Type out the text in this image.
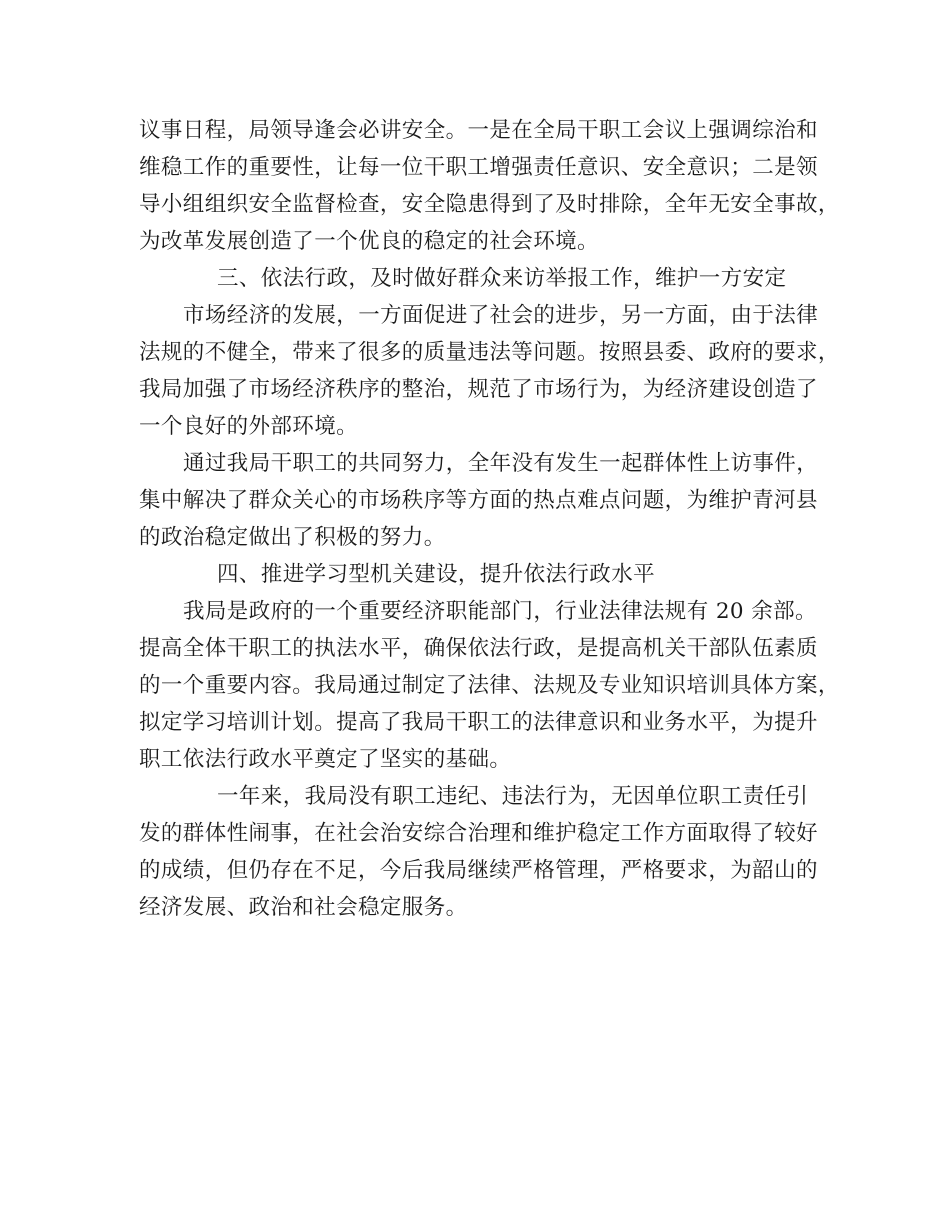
议事日程，局领导逢会必讲安全。一是在全局干职工会议上强调综治和
维稳工作的重要性，让每一位干职工增强责任意识、安全意识；二是领
导小组组织安全监督检查，安全隐患得到了及时排除，全年无安全事故，
为改革发展创造了一个优良的稳定的社会环境。
三、依法行政，及时做好群众来访举报工作，维护一方安定
市场经济的发展，一方面促进了社会的进步，另一方面，由于法律
法规的不健全，带来了很多的质量违法等问题。按照县委、政府的要求，
我局加强了市场经济秩序的整治，规范了市场行为，为经济建设创造了
一个良好的外部环境。
通过我局干职工的共同努力，全年没有发生一起群体性上访事件，
集中解决了群众关心的市场秩序等方面的热点难点问题，为维护青河县
的政治稳定做出了积极的努力。
四、推进学习型机关建设，提升依法行政水平
我局是政府的一个重要经济职能部门，行业法律法规有 20 余部。
提高全体干职工的执法水平，确保依法行政，是提高机关干部队伍素质
的一个重要内容。我局通过制定了法律、法规及专业知识培训具体方案，
拟定学习培训计划。提高了我局干职工的法律意识和业务水平，为提升
职工依法行政水平奠定了坚实的基础。
一年来，我局没有职工违纪、违法行为，无因单位职工责任引
发的群体性闹事，在社会治安综合治理和维护稳定工作方面取得了较好
的成绩，但仍存在不足，今后我局继续严格管理，严格要求，为韶山的
经济发展、政治和社会稳定服务。
